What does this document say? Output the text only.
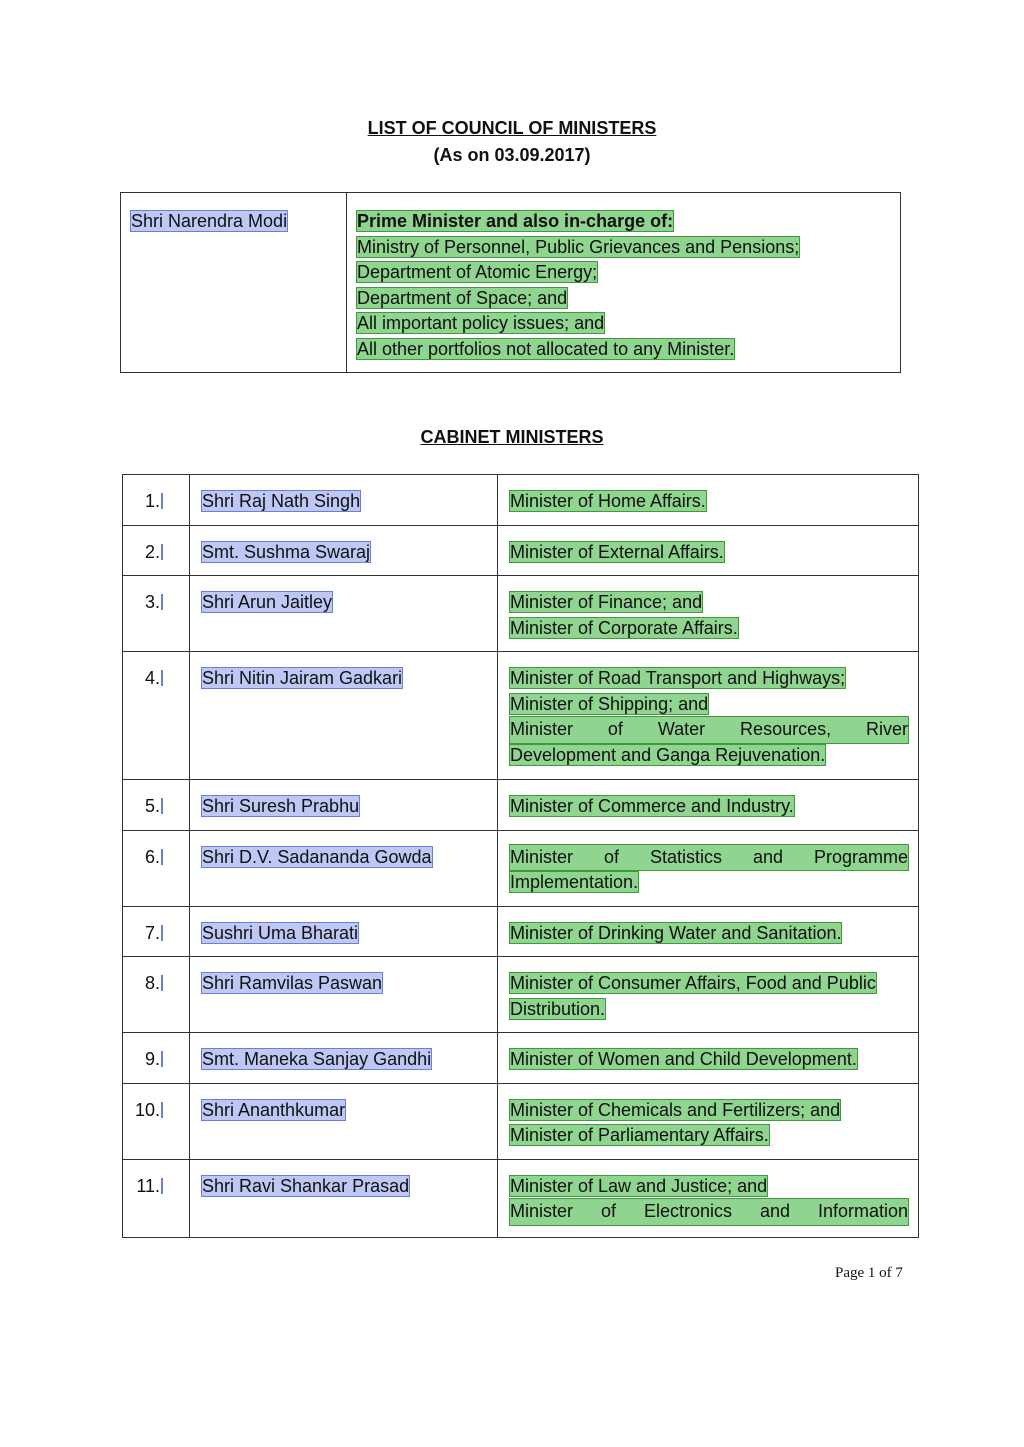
LIST OF COUNCIL OF MINISTERS
(As on 03.09.2017)
Shri Narendra Modi	Prime Minister and also in-charge of:
Ministry of Personnel, Public Grievances and Pensions;
Department of Atomic Energy;
Department of Space; and
All important policy issues; and
All other portfolios not allocated to any Minister.
CABINET MINISTERS
1.	Shri Raj Nath Singh	Minister of Home Affairs.

2.	Smt. Sushma Swaraj	Minister of External Affairs.

3.	Shri Arun Jaitley	Minister of Finance; and
Minister of Corporate Affairs.

4.	Shri Nitin Jairam Gadkari	Minister of Road Transport and Highways;
Minister of Shipping; and
Minister of Water Resources, River
Development and Ganga Rejuvenation.

5.	Shri Suresh Prabhu	Minister of Commerce and Industry.

6.	Shri D.V. Sadananda Gowda	Minister of Statistics and Programme
Implementation.

7.	Sushri Uma Bharati	Minister of Drinking Water and Sanitation.

8.	Shri Ramvilas Paswan	Minister of Consumer Affairs, Food and Public
Distribution.

9.	Smt. Maneka Sanjay Gandhi	Minister of Women and Child Development.

10.	Shri Ananthkumar	Minister of Chemicals and Fertilizers; and
Minister of Parliamentary Affairs.

11.	Shri Ravi Shankar Prasad	Minister of Law and Justice; and
Minister of Electronics and Information
Page 1 of 7
